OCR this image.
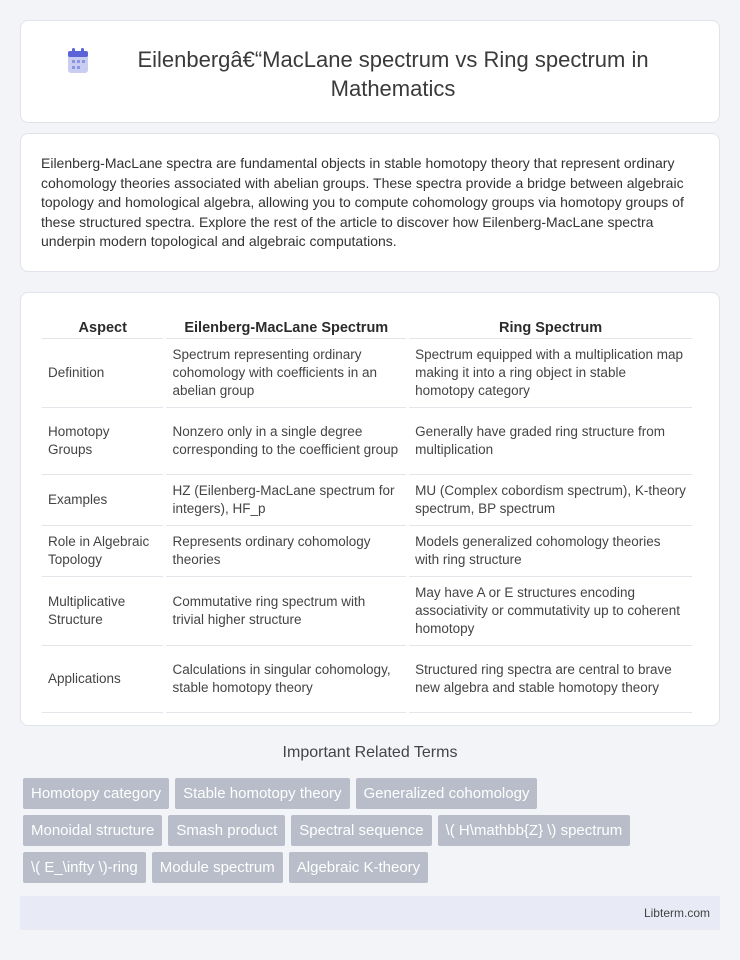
Eilenbergâ€“MacLane spectrum vs Ring spectrum in Mathematics

Eilenberg-MacLane spectra are fundamental objects in stable homotopy theory that represent ordinary cohomology theories associated with abelian groups. These spectra provide a bridge between algebraic topology and homological algebra, allowing you to compute cohomology groups via homotopy groups of these structured spectra. Explore the rest of the article to discover how Eilenberg-MacLane spectra underpin modern topological and algebraic computations.

Aspect	Eilenberg-MacLane Spectrum	Ring Spectrum
Definition	Spectrum representing ordinary cohomology with coefficients in an abelian group	Spectrum equipped with a multiplication map making it into a ring object in stable homotopy category
Homotopy Groups	Nonzero only in a single degree corresponding to the coefficient group	Generally have graded ring structure from multiplication
Examples	HZ (Eilenberg-MacLane spectrum for integers), HF_p	MU (Complex cobordism spectrum), K-theory spectrum, BP spectrum
Role in Algebraic Topology	Represents ordinary cohomology theories	Models generalized cohomology theories with ring structure
Multiplicative Structure	Commutative ring spectrum with trivial higher structure	May have A or E structures encoding associativity or commutativity up to coherent homotopy
Applications	Calculations in singular cohomology, stable homotopy theory	Structured ring spectra are central to brave new algebra and stable homotopy theory
Important Related Terms
Homotopy category	Stable homotopy theory	Generalized cohomology
Monoidal structure	Smash product	Spectral sequence	\( H\mathbb{Z} \) spectrum
\( E_\infty \)-ring	Module spectrum	Algebraic K-theory
Libterm.com
